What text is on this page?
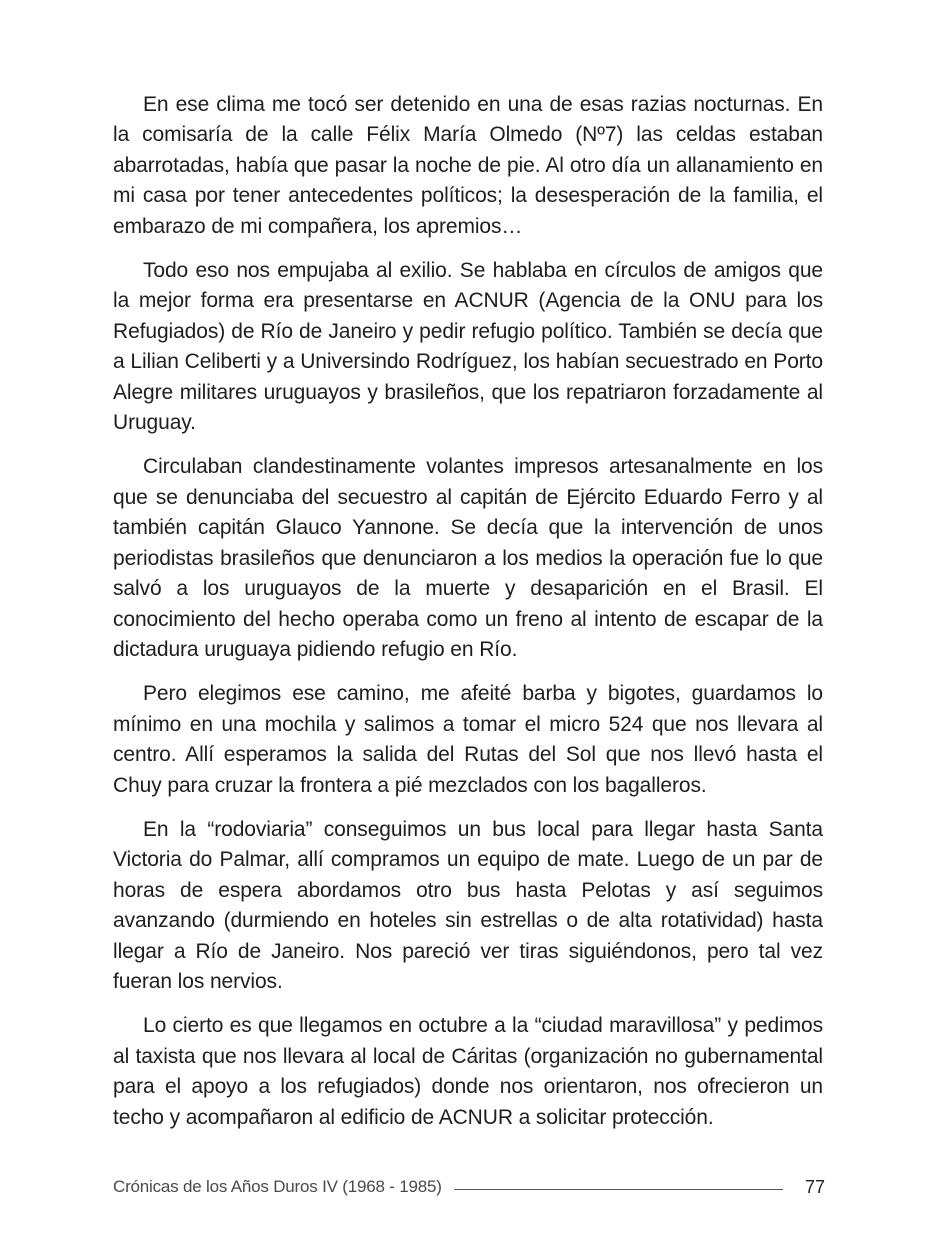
En ese clima me tocó ser detenido en una de esas razias nocturnas. En la comisaría de la calle Félix María Olmedo (Nº7) las celdas estaban abarrotadas, había que pasar la noche de pie. Al otro día un allanamiento en mi casa por tener antecedentes políticos; la desesperación de la familia, el embarazo de mi compañera, los apremios…

Todo eso nos empujaba al exilio. Se hablaba en círculos de amigos que la mejor forma era presentarse en ACNUR (Agencia de la ONU para los Refugiados) de Río de Janeiro y pedir refugio político. También se decía que a Lilian Celiberti y a Universindo Rodríguez, los habían secuestrado en Porto Alegre militares uruguayos y brasileños, que los repatriaron forzadamente al Uruguay.

Circulaban clandestinamente volantes impresos artesanalmente en los que se denunciaba del secuestro al capitán de Ejército Eduardo Ferro y al también capitán Glauco Yannone. Se decía que la intervención de unos periodistas brasileños que denunciaron a los medios la operación fue lo que salvó a los uruguayos de la muerte y desaparición en el Brasil. El conocimiento del hecho operaba como un freno al intento de escapar de la dictadura uruguaya pidiendo refugio en Río.

Pero elegimos ese camino, me afeité barba y bigotes, guardamos lo mínimo en una mochila y salimos a tomar el micro 524 que nos llevara al centro. Allí esperamos la salida del Rutas del Sol que nos llevó hasta el Chuy para cruzar la frontera a pié mezclados con los bagalleros.

En la “rodoviaria” conseguimos un bus local para llegar hasta Santa Victoria do Palmar, allí compramos un equipo de mate. Luego de un par de horas de espera abordamos otro bus hasta Pelotas y así seguimos avanzando (durmiendo en hoteles sin estrellas o de alta rotatividad) hasta llegar a Río de Janeiro. Nos pareció ver tiras siguiéndonos, pero tal vez fueran los nervios.

Lo cierto es que llegamos en octubre a la “ciudad maravillosa” y pedimos al taxista que nos llevara al local de Cáritas (organización no gubernamental para el apoyo a los refugiados) donde nos orientaron, nos ofrecieron un techo y acompañaron al edificio de ACNUR a solicitar protección.

Crónicas de los Años Duros IV (1968 - 1985)	77
